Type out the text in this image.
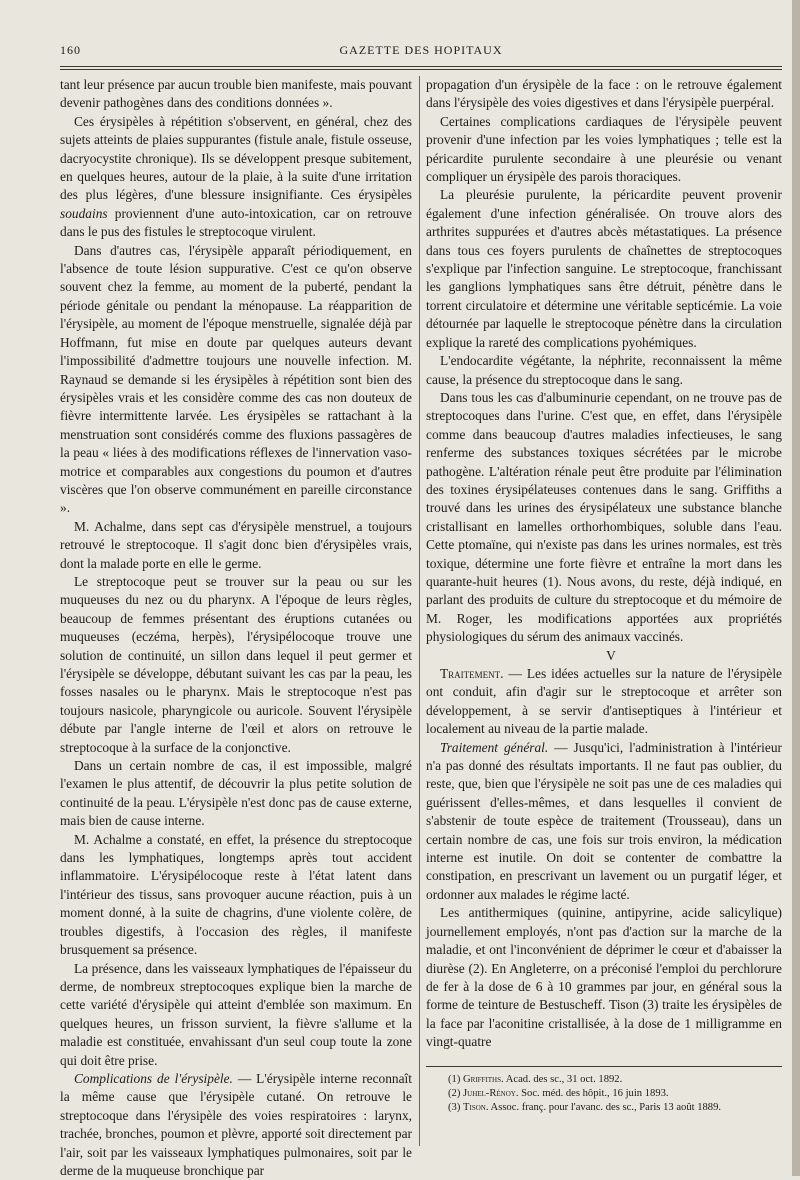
160	GAZETTE DES HOPITAUX

tant leur présence par aucun trouble bien manifeste, mais pouvant devenir pathogènes dans des conditions données ».

Ces érysipèles à répétition s'observent, en général, chez des sujets atteints de plaies suppurantes (fistule anale, fistule osseuse, dacryocystite chronique). Ils se développent presque subitement, en quelques heures, autour de la plaie, à la suite d'une irritation des plus légères, d'une blessure insignifiante. Ces érysipèles soudains proviennent d'une auto-intoxication, car on retrouve dans le pus des fistules le streptocoque virulent.

Dans d'autres cas, l'érysipèle apparaît périodiquement, en l'absence de toute lésion suppurative. C'est ce qu'on observe souvent chez la femme, au moment de la puberté, pendant la période génitale ou pendant la ménopause. La réapparition de l'érysipèle, au moment de l'époque menstruelle, signalée déjà par Hoffmann, fut mise en doute par quelques auteurs devant l'impossibilité d'admettre toujours une nouvelle infection. M. Raynaud se demande si les érysipèles à répétition sont bien des érysipèles vrais et les considère comme des cas non douteux de fièvre intermittente larvée. Les érysipèles se rattachant à la menstruation sont considérés comme des fluxions passagères de la peau « liées à des modifications réflexes de l'innervation vaso-motrice et comparables aux congestions du poumon et d'autres viscères que l'on observe communément en pareille circonstance ».

M. Achalme, dans sept cas d'érysipèle menstruel, a toujours retrouvé le streptocoque. Il s'agit donc bien d'érysipèles vrais, dont la malade porte en elle le germe.

Le streptocoque peut se trouver sur la peau ou sur les muqueuses du nez ou du pharynx. A l'époque de leurs règles, beaucoup de femmes présentant des éruptions cutanées ou muqueuses (eczéma, herpès), l'érysipélocoque trouve une solution de continuité, un sillon dans lequel il peut germer et l'érysipèle se développe, débutant suivant les cas par la peau, les fosses nasales ou le pharynx. Mais le streptocoque n'est pas toujours nasicole, pharyngicole ou auricole. Souvent l'érysipèle débute par l'angle interne de l'œil et alors on retrouve le streptocoque à la surface de la conjonctive.

Dans un certain nombre de cas, il est impossible, malgré l'examen le plus attentif, de découvrir la plus petite solution de continuité de la peau. L'érysipèle n'est donc pas de cause externe, mais bien de cause interne.

M. Achalme a constaté, en effet, la présence du streptocoque dans les lymphatiques, longtemps après tout accident inflammatoire. L'érysipélocoque reste à l'état latent dans l'intérieur des tissus, sans provoquer aucune réaction, puis à un moment donné, à la suite de chagrins, d'une violente colère, de troubles digestifs, à l'occasion des règles, il manifeste brusquement sa présence.

La présence, dans les vaisseaux lymphatiques de l'épaisseur du derme, de nombreux streptocoques explique bien la marche de cette variété d'érysipèle qui atteint d'emblée son maximum. En quelques heures, un frisson survient, la fièvre s'allume et la maladie est constituée, envahissant d'un seul coup toute la zone qui doit être prise.

Complications de l'érysipèle. — L'érysipèle interne reconnaît la même cause que l'érysipèle cutané. On retrouve le streptocoque dans l'érysipèle des voies respiratoires : larynx, trachée, bronches, poumon et plèvre, apporté soit directement par l'air, soit par les vaisseaux lymphatiques pulmonaires, soit par le derme de la muqueuse bronchique par

propagation d'un érysipèle de la face : on le retrouve également dans l'érysipèle des voies digestives et dans l'érysipèle puerpéral.

Certaines complications cardiaques de l'érysipèle peuvent provenir d'une infection par les voies lymphatiques ; telle est la péricardite purulente secondaire à une pleurésie ou venant compliquer un érysipèle des parois thoraciques.

La pleurésie purulente, la péricardite peuvent provenir également d'une infection généralisée. On trouve alors des arthrites suppurées et d'autres abcès métastatiques. La présence dans tous ces foyers purulents de chaînettes de streptocoques s'explique par l'infection sanguine. Le streptocoque, franchissant les ganglions lymphatiques sans être détruit, pénètre dans le torrent circulatoire et détermine une véritable septicémie. La voie détournée par laquelle le streptocoque pénètre dans la circulation explique la rareté des complications pyohémiques.

L'endocardite végétante, la néphrite, reconnaissent la même cause, la présence du streptocoque dans le sang.

Dans tous les cas d'albuminurie cependant, on ne trouve pas de streptocoques dans l'urine. C'est que, en effet, dans l'érysipèle comme dans beaucoup d'autres maladies infectieuses, le sang renferme des substances toxiques sécrétées par le microbe pathogène. L'altération rénale peut être produite par l'élimination des toxines érysipélateuses contenues dans le sang. Griffiths a trouvé dans les urines des érysipélateux une substance blanche cristallisant en lamelles orthorhombiques, soluble dans l'eau. Cette ptomaïne, qui n'existe pas dans les urines normales, est très toxique, détermine une forte fièvre et entraîne la mort dans les quarante-huit heures (1). Nous avons, du reste, déjà indiqué, en parlant des produits de culture du streptocoque et du mémoire de M. Roger, les modifications apportées aux propriétés physiologiques du sérum des animaux vaccinés.

V

Traitement. — Les idées actuelles sur la nature de l'érysipèle ont conduit, afin d'agir sur le streptocoque et arrêter son développement, à se servir d'antiseptiques à l'intérieur et localement au niveau de la partie malade.

Traitement général. — Jusqu'ici, l'administration à l'intérieur n'a pas donné des résultats importants. Il ne faut pas oublier, du reste, que, bien que l'érysipèle ne soit pas une de ces maladies qui guérissent d'elles-mêmes, et dans lesquelles il convient de s'abstenir de toute espèce de traitement (Trousseau), dans un certain nombre de cas, une fois sur trois environ, la médication interne est inutile. On doit se contenter de combattre la constipation, en prescrivant un lavement ou un purgatif léger, et ordonner aux malades le régime lacté.

Les antithermiques (quinine, antipyrine, acide salicylique) journellement employés, n'ont pas d'action sur la marche de la maladie, et ont l'inconvénient de déprimer le cœur et d'abaisser la diurèse (2). En Angleterre, on a préconisé l'emploi du perchlorure de fer à la dose de 6 à 10 grammes par jour, en général sous la forme de teinture de Bestuscheff. Tison (3) traite les érysipèles de la face par l'aconitine cristallisée, à la dose de 1 milligramme en vingt-quatre

(1) Griffiths. Acad. des sc., 31 oct. 1892.

(2) Juhel-Rénoy. Soc. méd. des hôpit., 16 juin 1893.

(3) Tison. Assoc. franç. pour l'avanc. des sc., Paris 13 août 1889.
